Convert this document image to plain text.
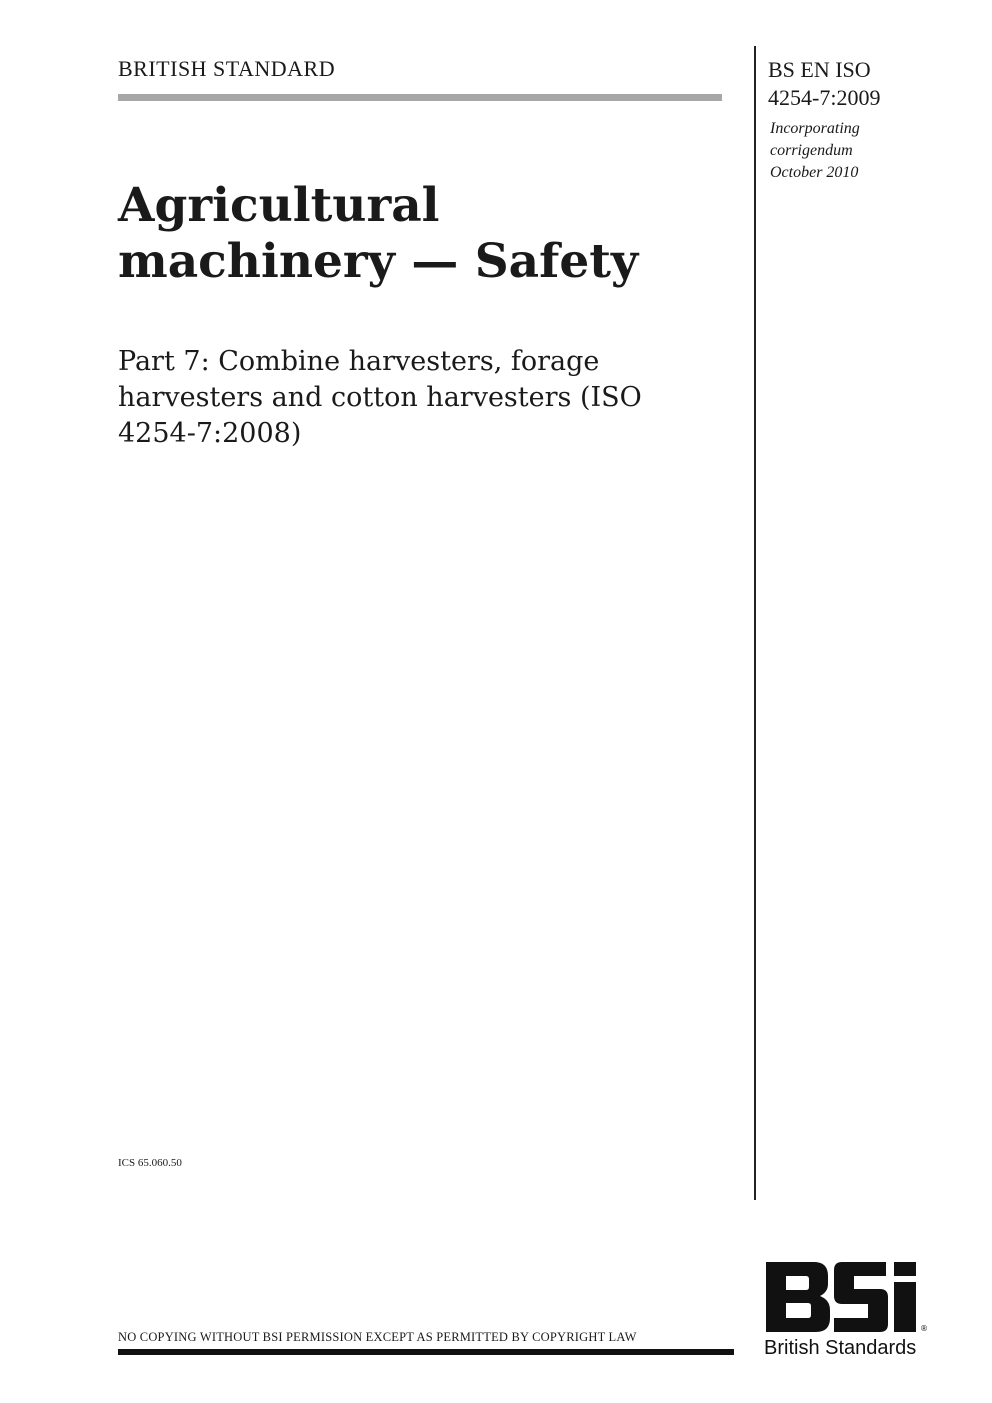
BRITISH STANDARD	BS EN ISO
4254-7:2009
Incorporating
corrigendum
October 2010
Agricultural
machinery — Safety
Part 7: Combine harvesters, forage
harvesters and cotton harvesters (ISO
4254-7:2008)
ICS 65.060.50
NO COPYING WITHOUT BSI PERMISSION EXCEPT AS PERMITTED BY COPYRIGHT LAW
®
British Standards
